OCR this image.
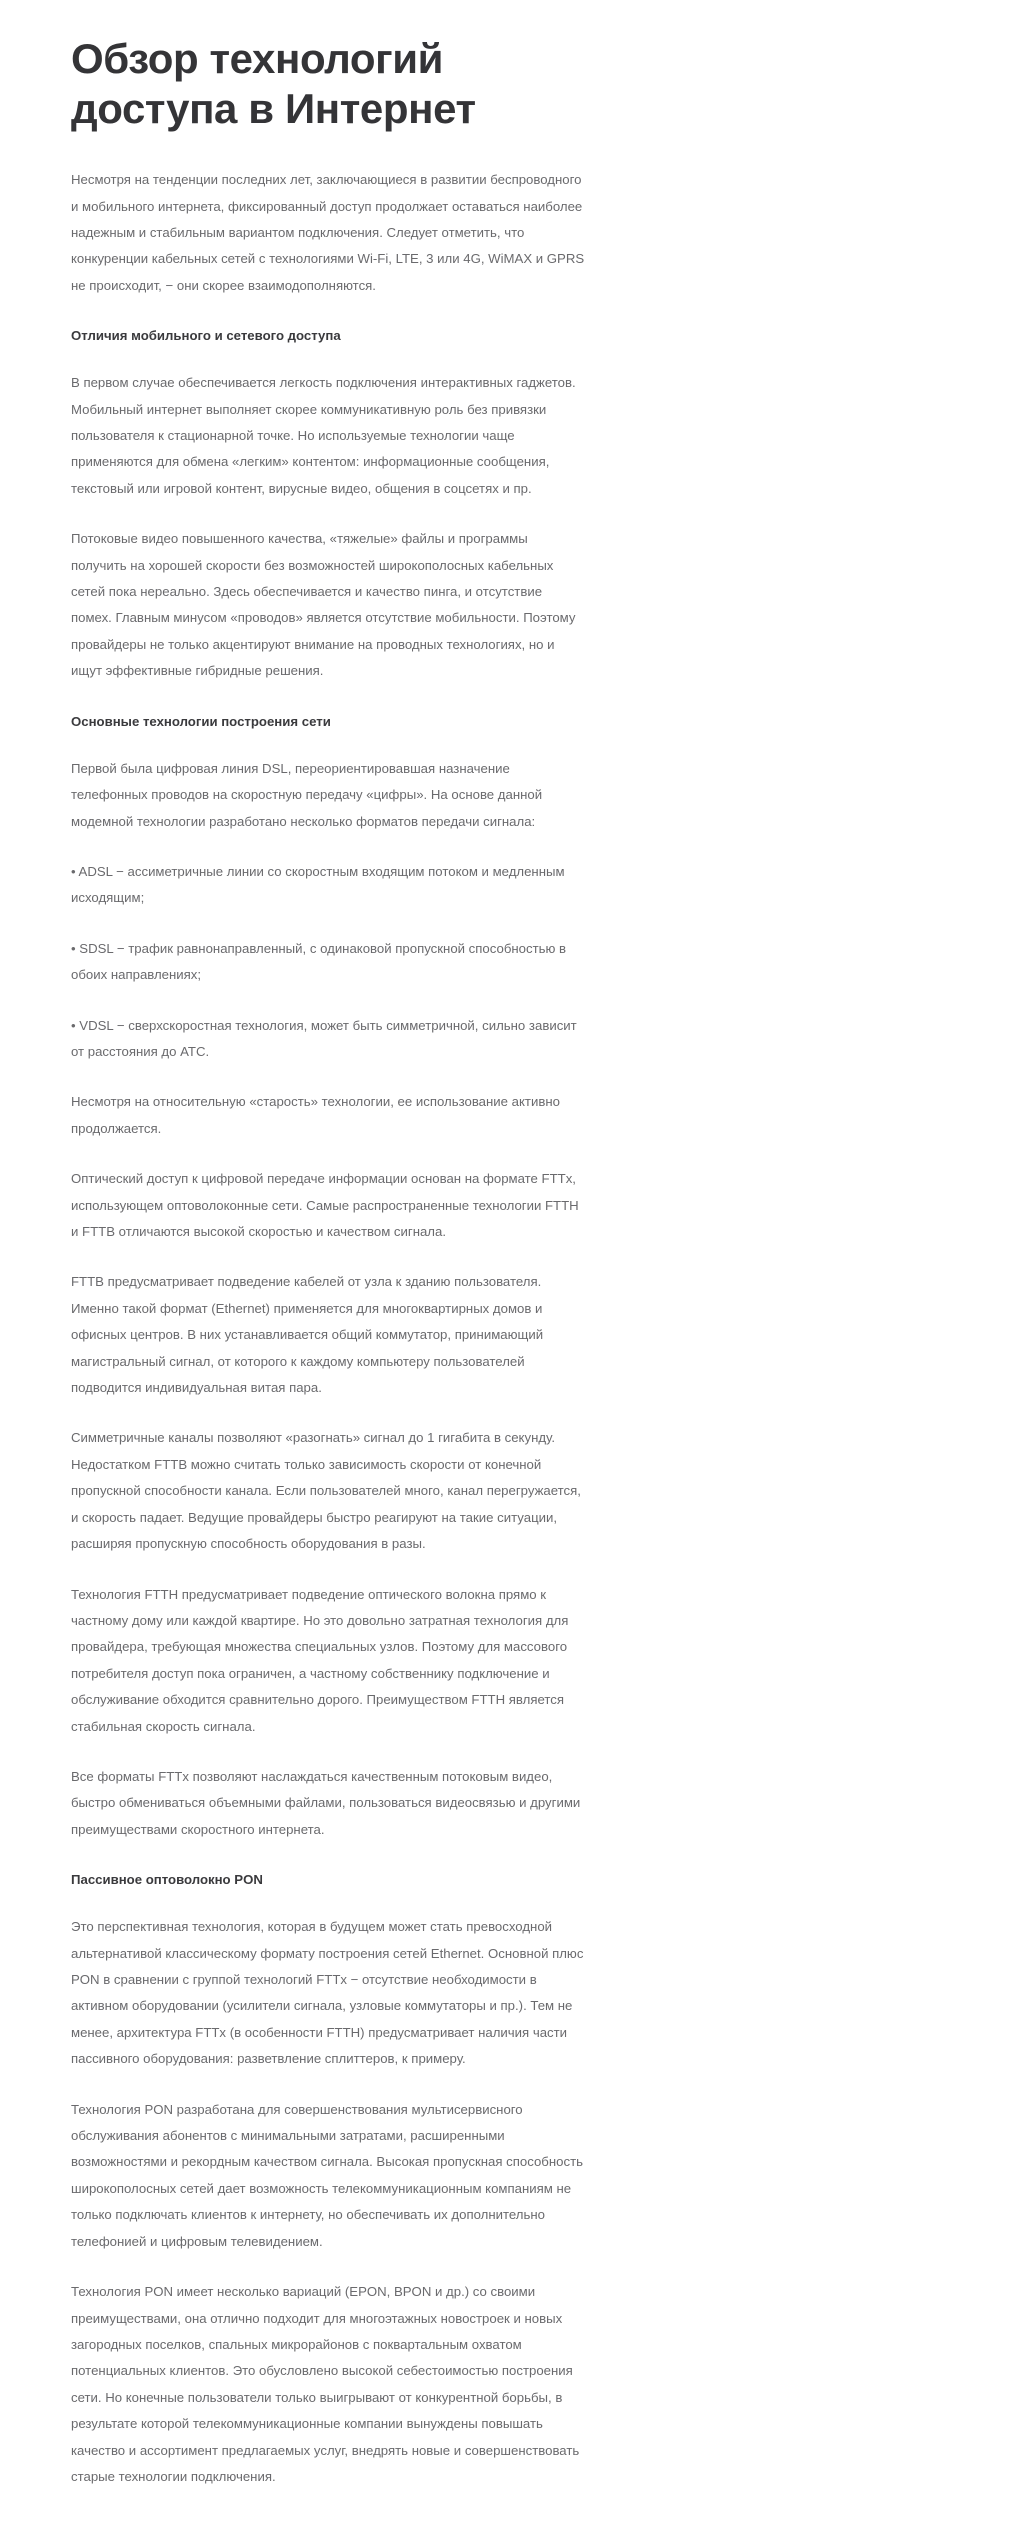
Обзор технологий доступа в Интернет

Несмотря на тенденции последних лет, заключающиеся в развитии беспроводного и мобильного интернета, фиксированный доступ продолжает оставаться наиболее надежным и стабильным вариантом подключения. Следует отметить, что конкуренции кабельных сетей с технологиями Wi-Fi, LTE, 3 или 4G, WiMAX и GPRS не происходит, − они скорее взаимодополняются.

Отличия мобильного и сетевого доступа

В первом случае обеспечивается легкость подключения интерактивных гаджетов. Мобильный интернет выполняет скорее коммуникативную роль без привязки пользователя к стационарной точке. Но используемые технологии чаще применяются для обмена «легким» контентом: информационные сообщения, текстовый или игровой контент, вирусные видео, общения в соцсетях и пр.

Потоковые видео повышенного качества, «тяжелые» файлы и программы получить на хорошей скорости без возможностей широкополосных кабельных сетей пока нереально. Здесь обеспечивается и качество пинга, и отсутствие помех. Главным минусом «проводов» является отсутствие мобильности. Поэтому провайдеры не только акцентируют внимание на проводных технологиях, но и ищут эффективные гибридные решения.

Основные технологии построения сети

Первой была цифровая линия DSL, переориентировавшая назначение телефонных проводов на скоростную передачу «цифры». На основе данной модемной технологии разработано несколько форматов передачи сигнала:

• ADSL − ассиметричные линии со скоростным входящим потоком и медленным исходящим;

• SDSL − трафик равнонаправленный, с одинаковой пропускной способностью в обоих направлениях;

• VDSL − сверхскоростная технология, может быть симметричной, сильно зависит от расстояния до АТС.

Несмотря на относительную «старость» технологии, ее использование активно продолжается.

Оптический доступ к цифровой передаче информации основан на формате FTTx, использующем оптоволоконные сети. Самые распространенные технологии FTTH и FTTB отличаются высокой скоростью и качеством сигнала.

FTTB предусматривает подведение кабелей от узла к зданию пользователя. Именно такой формат (Ethernet) применяется для многоквартирных домов и офисных центров. В них устанавливается общий коммутатор, принимающий магистральный сигнал, от которого к каждому компьютеру пользователей подводится индивидуальная витая пара.

Симметричные каналы позволяют «разогнать» сигнал до 1 гигабита в секунду. Недостатком FTTB можно считать только зависимость скорости от конечной пропускной способности канала. Если пользователей много, канал перегружается, и скорость падает. Ведущие провайдеры быстро реагируют на такие ситуации, расширяя пропускную способность оборудования в разы.

Технология FTTH предусматривает подведение оптического волокна прямо к частному дому или каждой квартире. Но это довольно затратная технология для провайдера, требующая множества специальных узлов. Поэтому для массового потребителя доступ пока ограничен, а частному собственнику подключение и обслуживание обходится сравнительно дорого. Преимуществом FTTH является стабильная скорость сигнала.

Все форматы FTTx позволяют наслаждаться качественным потоковым видео, быстро обмениваться объемными файлами, пользоваться видеосвязью и другими преимуществами скоростного интернета.

Пассивное оптоволокно PON

Это перспективная технология, которая в будущем может стать превосходной альтернативой классическому формату построения сетей Ethernet. Основной плюс PON в сравнении с группой технологий FTTx − отсутствие необходимости в активном оборудовании (усилители сигнала, узловые коммутаторы и пр.). Тем не менее, архитектура FTTx (в особенности FTTH) предусматривает наличия части пассивного оборудования: разветвление сплиттеров, к примеру.

Технология PON разработана для совершенствования мультисервисного обслуживания абонентов с минимальными затратами, расширенными возможностями и рекордным качеством сигнала. Высокая пропускная способность широкополосных сетей дает возможность телекоммуникационным компаниям не только подключать клиентов к интернету, но обеспечивать их дополнительно телефонией и цифровым телевидением.

Технология PON имеет несколько вариаций (EPON, BPON и др.) со своими преимуществами, она отлично подходит для многоэтажных новостроек и новых загородных поселков, спальных микрорайонов с поквартальным охватом потенциальных клиентов. Это обусловлено высокой себестоимостью построения сети. Но конечные пользователи только выигрывают от конкурентной борьбы, в результате которой телекоммуникационные компании вынуждены повышать качество и ассортимент предлагаемых услуг, внедрять новые и совершенствовать старые технологии подключения.
